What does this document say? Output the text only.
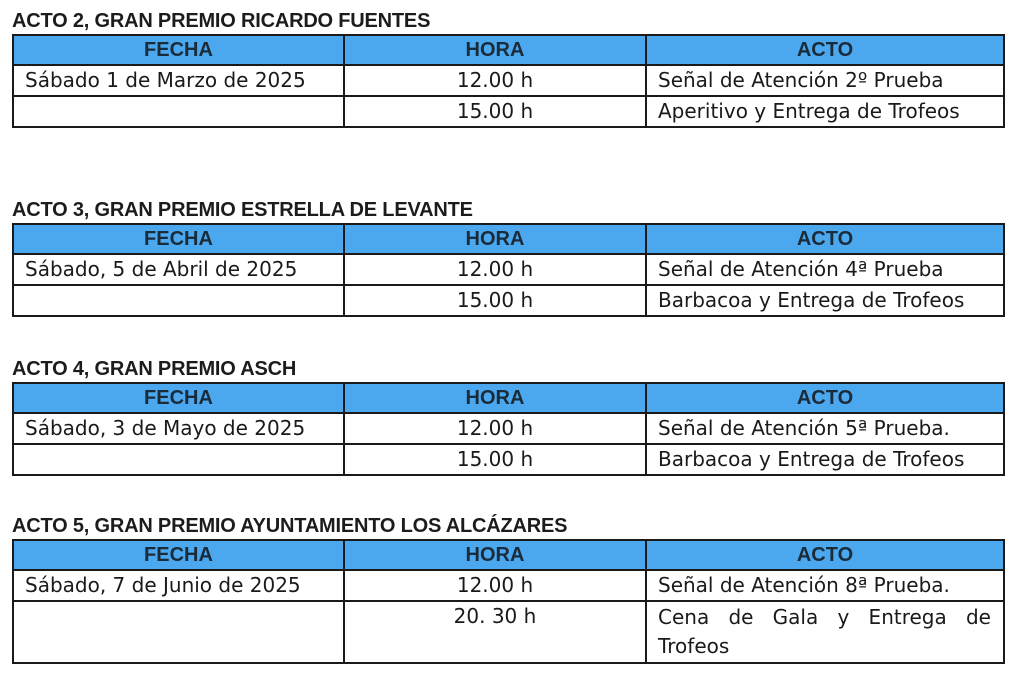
ACTO 2, GRAN PREMIO RICARDO FUENTES
FECHA	HORA	ACTO
Sábado 1 de Marzo de 2025	12.00 h	Señal de Atención 2º Prueba
	15.00 h	Aperitivo y Entrega de Trofeos
ACTO 3, GRAN PREMIO ESTRELLA DE LEVANTE
FECHA	HORA	ACTO
Sábado, 5 de Abril de 2025	12.00 h	Señal de Atención 4ª Prueba
	15.00 h	Barbacoa y Entrega de Trofeos
ACTO 4, GRAN PREMIO ASCH
FECHA	HORA	ACTO
Sábado, 3 de Mayo de 2025	12.00 h	Señal de Atención 5ª Prueba.
	15.00 h	Barbacoa y Entrega de Trofeos
ACTO 5, GRAN PREMIO AYUNTAMIENTO LOS ALCÁZARES
FECHA	HORA	ACTO
Sábado, 7 de Junio de 2025	12.00 h	Señal de Atención 8ª Prueba.
	20. 30 h	Cena de Gala y Entrega de Trofeos
